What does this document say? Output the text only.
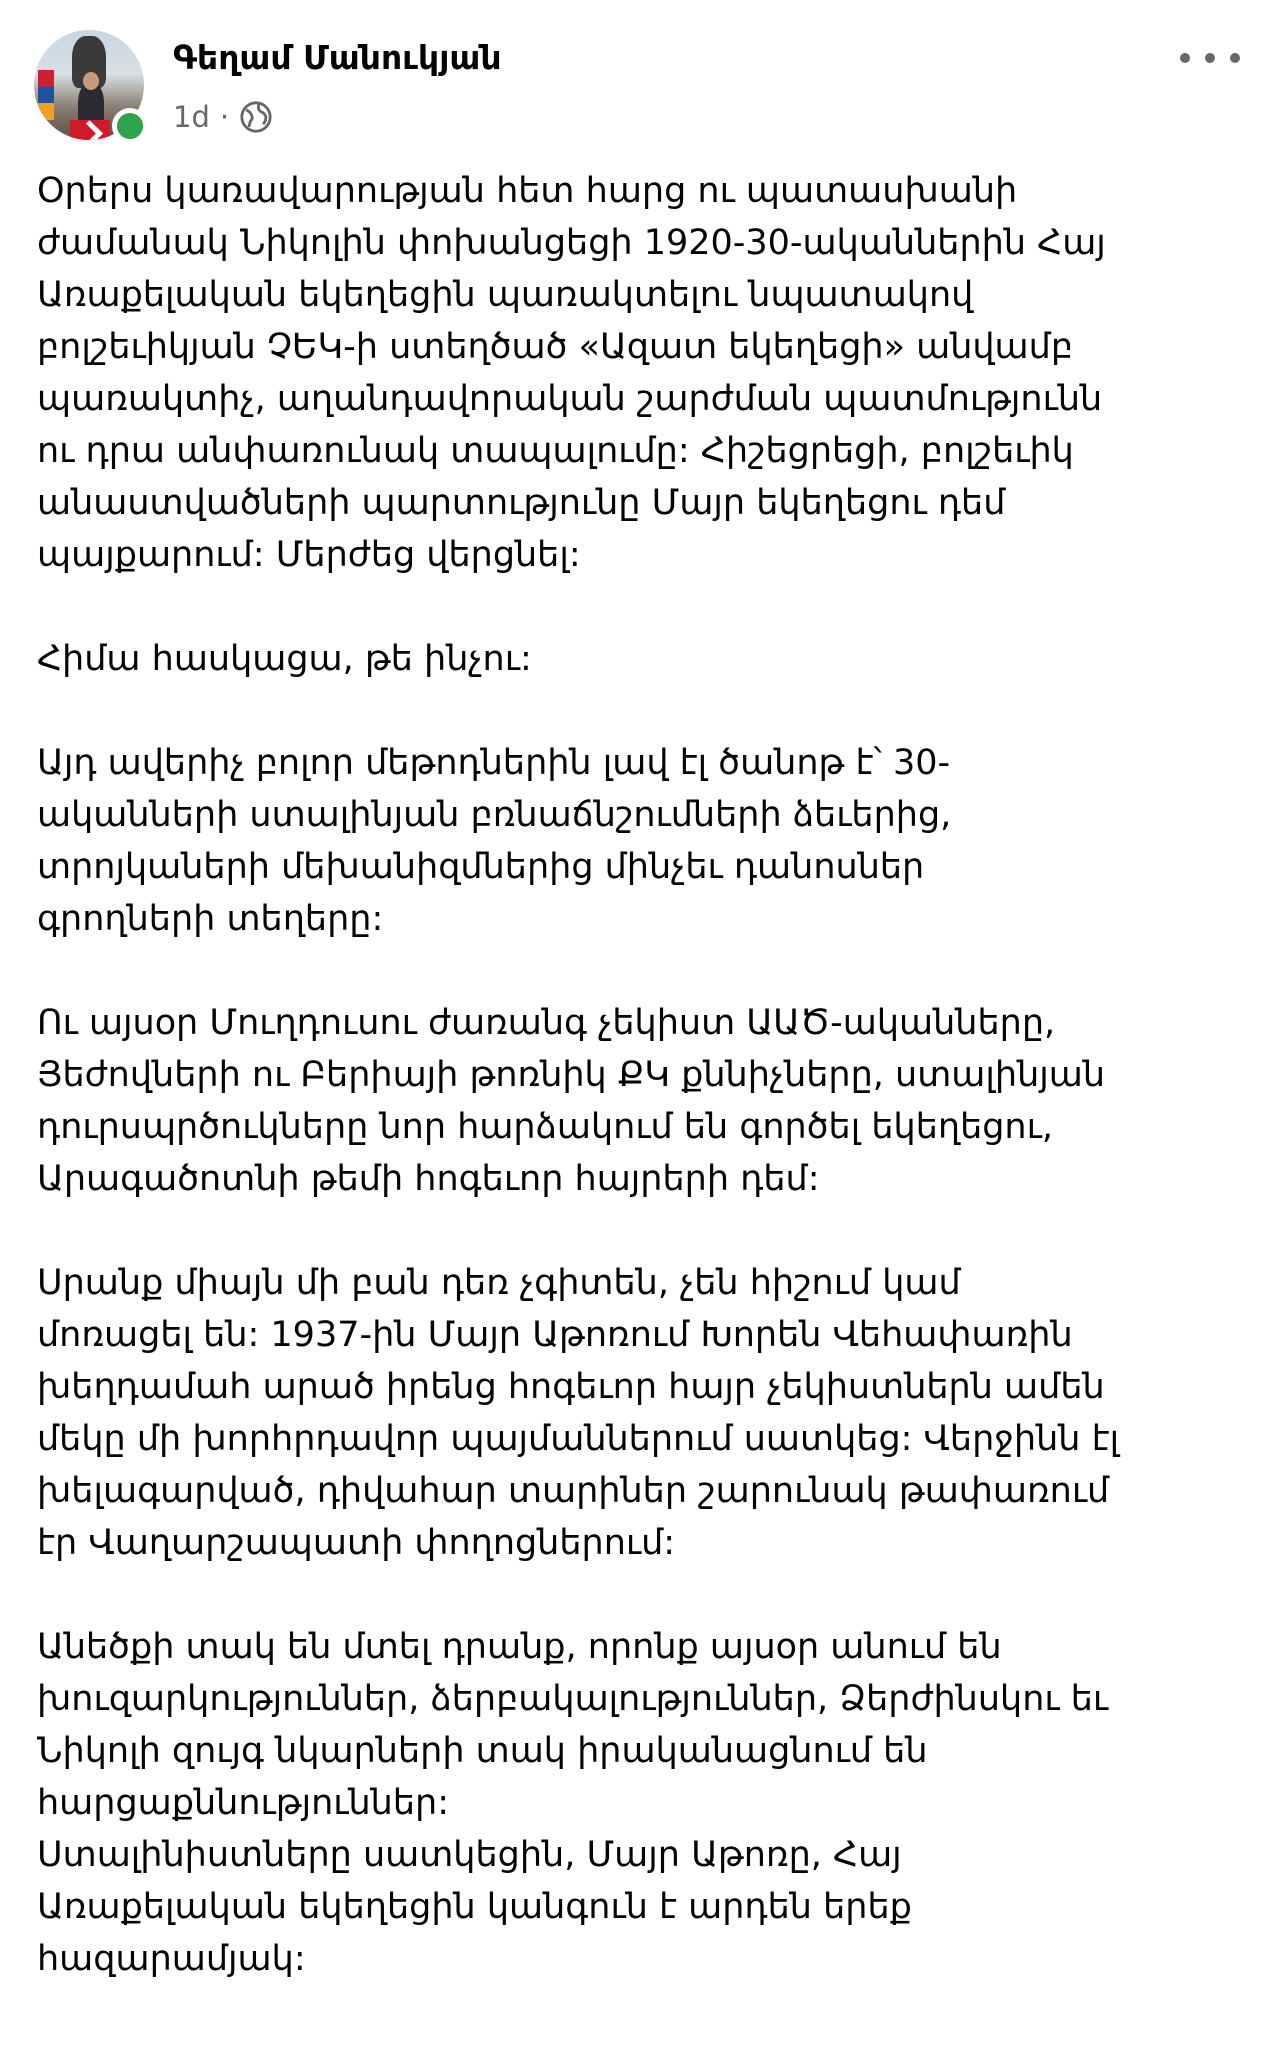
Գեղամ Մանուկյան
1d ·
Օրերս կառավարության հետ հարց ու պատասխանի
ժամանակ Նիկոլին փոխանցեցի 1920-30-ականներին Հայ
Առաքելական եկեղեցին պառակտելու նպատակով
բոլշեւիկյան ՉԵԿ-ի ստեղծած «Ազատ եկեղեցի» անվամբ
պառակտիչ, աղանդավորական շարժման պատմությունն
ու դրա անփառունակ տապալումը: Հիշեցրեցի, բոլշեւիկ
անաստվածների պարտությունը Մայր եկեղեցու դեմ
պայքարում: Մերժեց վերցնել:
Հիմա հասկացա, թե ինչու:
Այդ ավերիչ բոլոր մեթոդներին լավ էլ ծանոթ է՝ 30-
ականների ստալինյան բռնաճնշումների ձեւերից,
տրոյկաների մեխանիզմներից մինչեւ դանոսներ
գրողների տեղերը:
Ու այսօր Մուղդուսու ժառանգ չեկիստ ԱԱԾ-ականները,
Յեժովների ու Բերիայի թոռնիկ ՔԿ քննիչները, ստալինյան
դուրսպրծուկները նոր հարձակում են գործել եկեղեցու,
Արագածոտնի թեմի հոգեւոր հայրերի դեմ:
Սրանք միայն մի բան դեռ չգիտեն, չեն հիշում կամ
մոռացել են: 1937-ին Մայր Աթոռում Խորեն Վեհափառին
խեղդամահ արած իրենց հոգեւոր հայր չեկիստներն ամեն
մեկը մի խորհրդավոր պայմաններում սատկեց: Վերջինն էլ
խելագարված, դիվահար տարիներ շարունակ թափառում
էր Վաղարշապատի փողոցներում:
Անեծքի տակ են մտել դրանք, որոնք այսօր անում են
խուզարկություններ, ձերբակալություններ, Ձերժինսկու եւ
Նիկոլի զույգ նկարների տակ իրականացնում են
հարցաքննություններ:
Ստալինիստները սատկեցին, Մայր Աթոռը, Հայ
Առաքելական եկեղեցին կանգուն է արդեն երեք
հազարամյակ:
